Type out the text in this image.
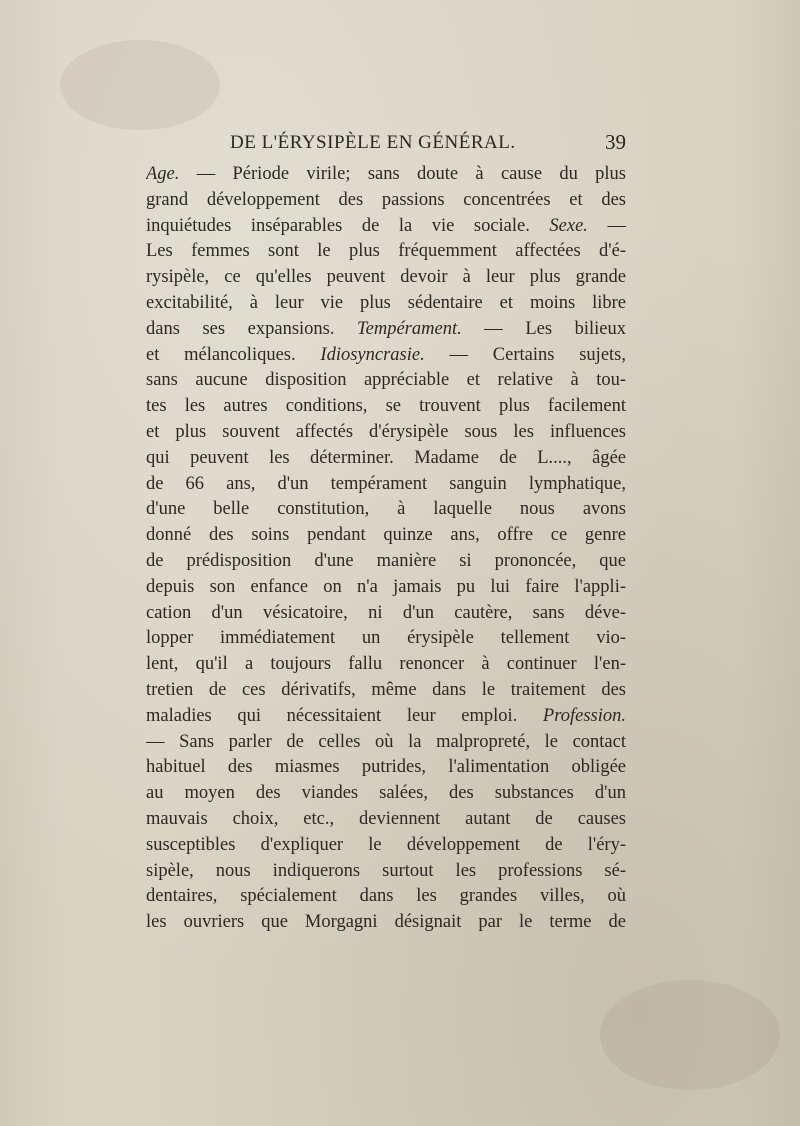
DE L'ÉRYSIPÈLE EN GÉNÉRAL.	39
Age. — Période virile; sans doute à cause du plus
grand développement des passions concentrées et des
inquiétudes inséparables de la vie sociale. Sexe. —
Les femmes sont le plus fréquemment affectées d'é-
rysipèle, ce qu'elles peuvent devoir à leur plus grande
excitabilité, à leur vie plus sédentaire et moins libre
dans ses expansions. Tempérament. — Les bilieux
et mélancoliques. Idiosyncrasie. — Certains sujets,
sans aucune disposition appréciable et relative à tou-
tes les autres conditions, se trouvent plus facilement
et plus souvent affectés d'érysipèle sous les influences
qui peuvent les déterminer. Madame de L...., âgée
de 66 ans, d'un tempérament sanguin lymphatique,
d'une belle constitution, à laquelle nous avons
donné des soins pendant quinze ans, offre ce genre
de prédisposition d'une manière si prononcée, que
depuis son enfance on n'a jamais pu lui faire l'appli-
cation d'un vésicatoire, ni d'un cautère, sans déve-
lopper immédiatement un érysipèle tellement vio-
lent, qu'il a toujours fallu renoncer à continuer l'en-
tretien de ces dérivatifs, même dans le traitement des
maladies qui nécessitaient leur emploi. Profession.
— Sans parler de celles où la malpropreté, le contact
habituel des miasmes putrides, l'alimentation obligée
au moyen des viandes salées, des substances d'un
mauvais choix, etc., deviennent autant de causes
susceptibles d'expliquer le développement de l'éry-
sipèle, nous indiquerons surtout les professions sé-
dentaires, spécialement dans les grandes villes, où
les ouvriers que Morgagni désignait par le terme de
